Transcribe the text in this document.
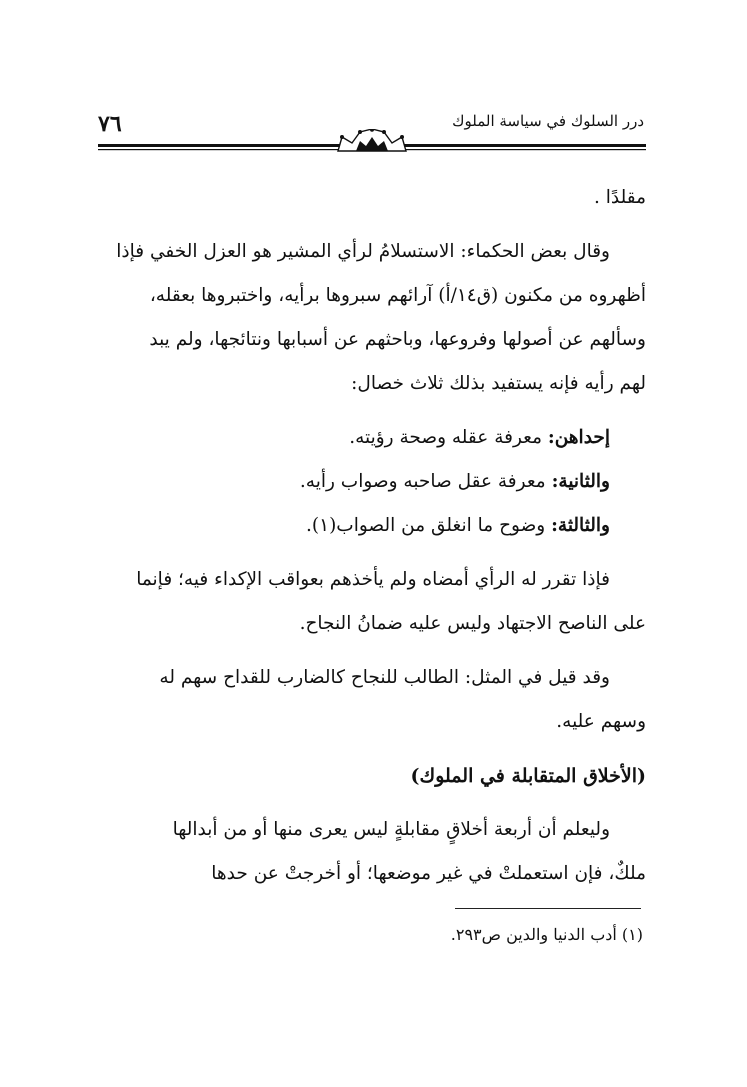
٧٦	درر السلوك في سياسة الملوك
مقلدًا .
وقال بعض الحكماء: الاستسلامُ لرأي المشير هو العزل الخفي فإذا
أظهروه من مكنون (ق١٤/أ) آرائهم سبروها برأيه، واختبروها بعقله،
وسألهم عن أصولها وفروعها، وباحثهم عن أسبابها ونتائجها، ولم يبد
لهم رأيه فإنه يستفيد بذلك ثلاث خصال:
إحداهن: معرفة عقله وصحة رؤيته.
والثانية: معرفة عقل صاحبه وصواب رأيه.
والثالثة: وضوح ما انغلق من الصواب(١).
فإذا تقرر له الرأي أمضاه ولم يأخذهم بعواقب الإكداء فيه؛ فإنما
على الناصح الاجتهاد وليس عليه ضمانُ النجاح.
وقد قيل في المثل: الطالب للنجاح كالضارب للقداح سهم له
وسهم عليه.
(الأخلاق المتقابلة في الملوك)
وليعلم أن أربعة أخلاقٍ مقابلةٍ ليس يعرى منها أو من أبدالها
ملكٌ، فإن استعملتْ في غير موضعها؛ أو أخرجتْ عن حدها
(١) أدب الدنيا والدين ص٢٩٣.
